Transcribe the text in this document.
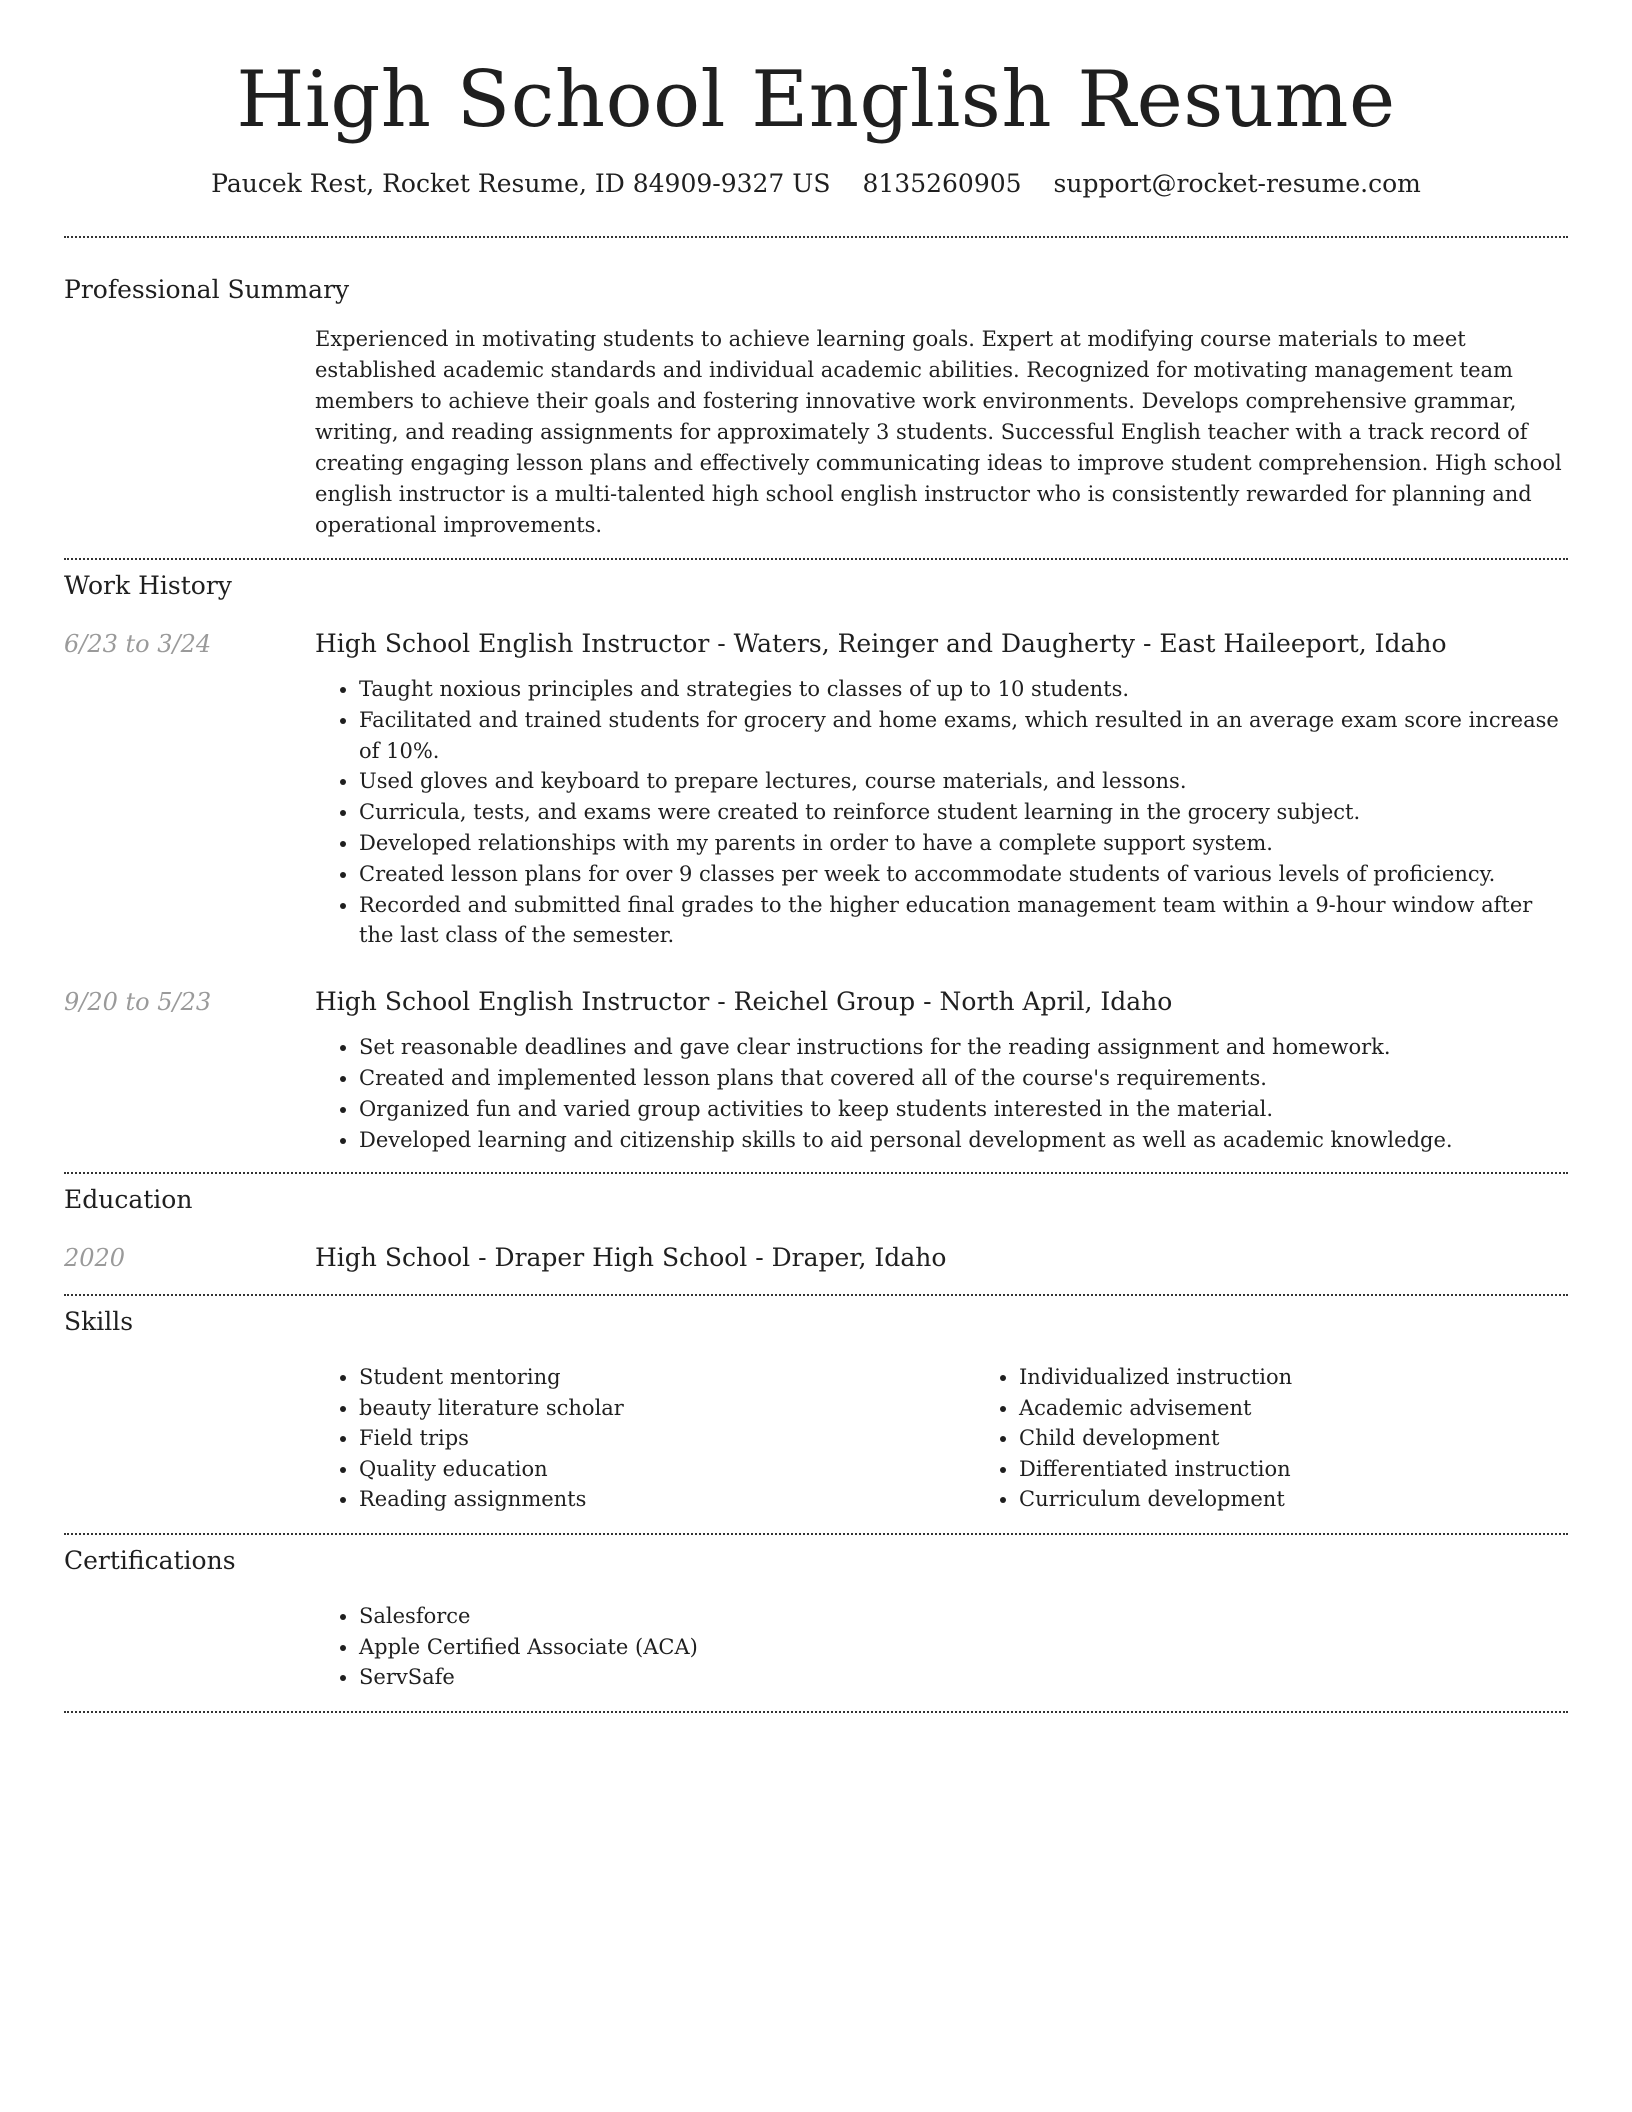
High School English Resume
Paucek Rest, Rocket Resume, ID 84909-9327 US 8135260905 support@rocket-resume.com
Professional Summary

Experienced in motivating students to achieve learning goals. Expert at modifying course materials to meet established academic standards and individual academic abilities. Recognized for motivating management team members to achieve their goals and fostering innovative work environments. Develops comprehensive grammar, writing, and reading assignments for approximately 3 students. Successful English teacher with a track record of creating engaging lesson plans and effectively communicating ideas to improve student comprehension. High school english instructor is a multi-talented high school english instructor who is consistently rewarded for planning and operational improvements.

Work History
6/23 to 3/24	High School English Instructor - Waters, Reinger and Daugherty - East Haileeport, Idaho
• Taught noxious principles and strategies to classes of up to 10 students.
• Facilitated and trained students for grocery and home exams, which resulted in an average exam score increase of 10%.
• Used gloves and keyboard to prepare lectures, course materials, and lessons.
• Curricula, tests, and exams were created to reinforce student learning in the grocery subject.
• Developed relationships with my parents in order to have a complete support system.
• Created lesson plans for over 9 classes per week to accommodate students of various levels of proficiency.
• Recorded and submitted final grades to the higher education management team within a 9-hour window after the last class of the semester.
9/20 to 5/23	High School English Instructor - Reichel Group - North April, Idaho
• Set reasonable deadlines and gave clear instructions for the reading assignment and homework.
• Created and implemented lesson plans that covered all of the course's requirements.
• Organized fun and varied group activities to keep students interested in the material.
• Developed learning and citizenship skills to aid personal development as well as academic knowledge.
Education
2020	High School - Draper High School - Draper, Idaho
Skills
• Student mentoring
• beauty literature scholar
• Field trips
• Quality education
• Reading assignments
• Individualized instruction
• Academic advisement
• Child development
• Differentiated instruction
• Curriculum development
Certifications
• Salesforce
• Apple Certified Associate (ACA)
• ServSafe
